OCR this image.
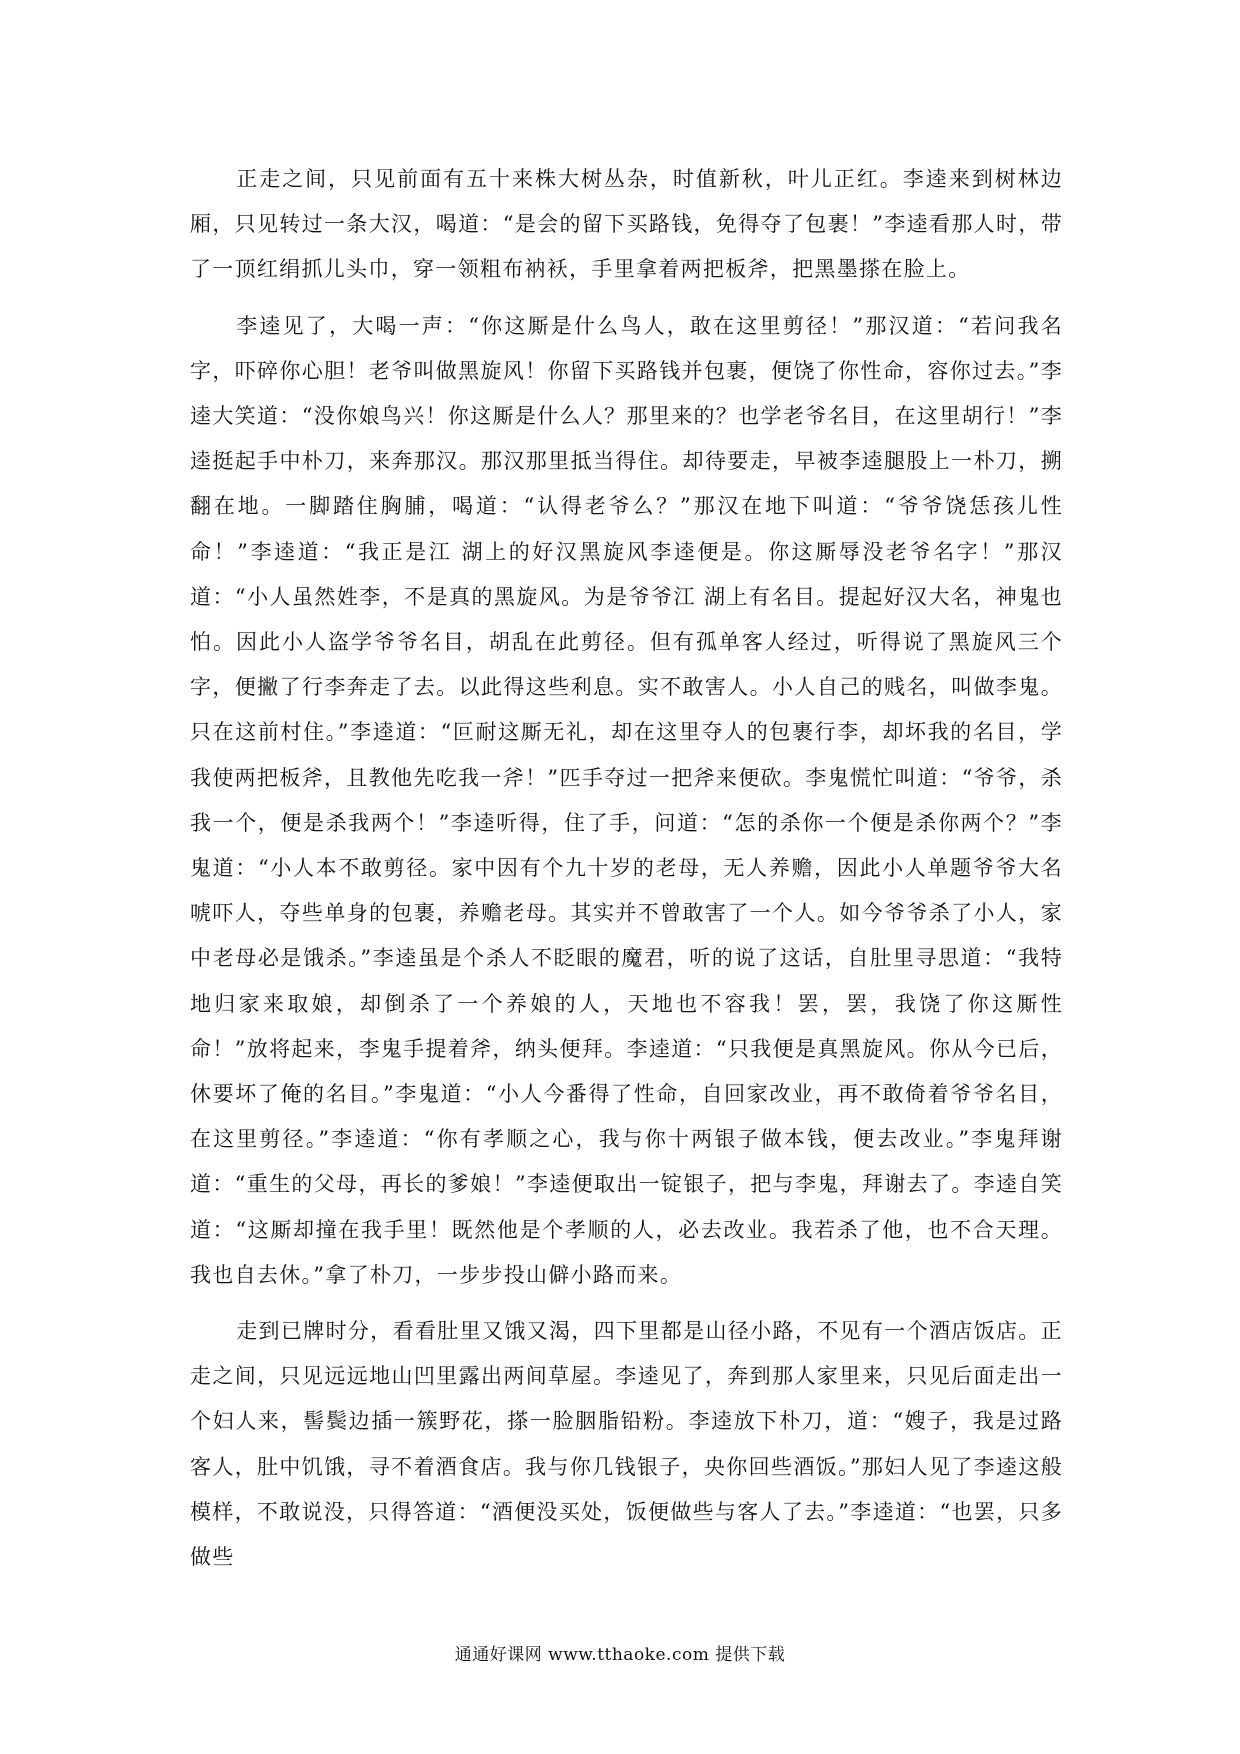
正走之间，只见前面有五十来株大树丛杂，时值新秋，叶儿正红。李逵来到树林边厢，只见转过一条大汉，喝道：“是会的留下买路钱，免得夺了包裹！”李逵看那人时，带了一顶红绢抓儿头巾，穿一领粗布衲袄，手里拿着两把板斧，把黑墨搽在脸上。

李逵见了，大喝一声：“你这厮是什么鸟人，敢在这里剪径！”那汉道：“若问我名字，吓碎你心胆！老爷叫做黑旋风！你留下买路钱并包裹，便饶了你性命，容你过去。”李逵大笑道：“没你娘鸟兴！你这厮是什么人？那里来的？也学老爷名目，在这里胡行！”李逵挺起手中朴刀，来奔那汉。那汉那里抵当得住。却待要走，早被李逵腿股上一朴刀，搠翻在地。一脚踏住胸脯，喝道：“认得老爷么？”那汉在地下叫道：“爷爷饶恁孩儿性命！”李逵道：“我正是江 湖上的好汉黑旋风李逵便是。你这厮辱没老爷名字！”那汉道：“小人虽然姓李，不是真的黑旋风。为是爷爷江 湖上有名目。提起好汉大名，神鬼也怕。因此小人盗学爷爷名目，胡乱在此剪径。但有孤单客人经过，听得说了黑旋风三个字，便撇了行李奔走了去。以此得这些利息。实不敢害人。小人自己的贱名，叫做李鬼。只在这前村住。”李逵道：“叵耐这厮无礼，却在这里夺人的包裹行李，却坏我的名目，学我使两把板斧，且教他先吃我一斧！”匹手夺过一把斧来便砍。李鬼慌忙叫道：“爷爷，杀我一个，便是杀我两个！”李逵听得，住了手，问道：“怎的杀你一个便是杀你两个？”李鬼道：“小人本不敢剪径。家中因有个九十岁的老母，无人养赡，因此小人单题爷爷大名唬吓人，夺些单身的包裹，养赡老母。其实并不曾敢害了一个人。如今爷爷杀了小人，家中老母必是饿杀。”李逵虽是个杀人不眨眼的魔君，听的说了这话，自肚里寻思道：“我特地归家来取娘，却倒杀了一个养娘的人，天地也不容我！罢，罢，我饶了你这厮性命！”放将起来，李鬼手提着斧，纳头便拜。李逵道：“只我便是真黑旋风。你从今已后，休要坏了俺的名目。”李鬼道：“小人今番得了性命，自回家改业，再不敢倚着爷爷名目，在这里剪径。”李逵道：“你有孝顺之心，我与你十两银子做本钱，便去改业。”李鬼拜谢道：“重生的父母，再长的爹娘！”李逵便取出一锭银子，把与李鬼，拜谢去了。李逵自笑道：“这厮却撞在我手里！既然他是个孝顺的人，必去改业。我若杀了他，也不合天理。我也自去休。”拿了朴刀，一步步投山僻小路而来。

走到已牌时分，看看肚里又饿又渴，四下里都是山径小路，不见有一个酒店饭店。正走之间，只见远远地山凹里露出两间草屋。李逵见了，奔到那人家里来，只见后面走出一个妇人来，髻鬓边插一簇野花，搽一脸胭脂铅粉。李逵放下朴刀，道：“嫂子，我是过路客人，肚中饥饿，寻不着酒食店。我与你几钱银子，央你回些酒饭。”那妇人见了李逵这般模样，不敢说没，只得答道：“酒便没买处，饭便做些与客人了去。”李逵道：“也罢，只多做些

通通好课网 www.tthaoke.com 提供下载
